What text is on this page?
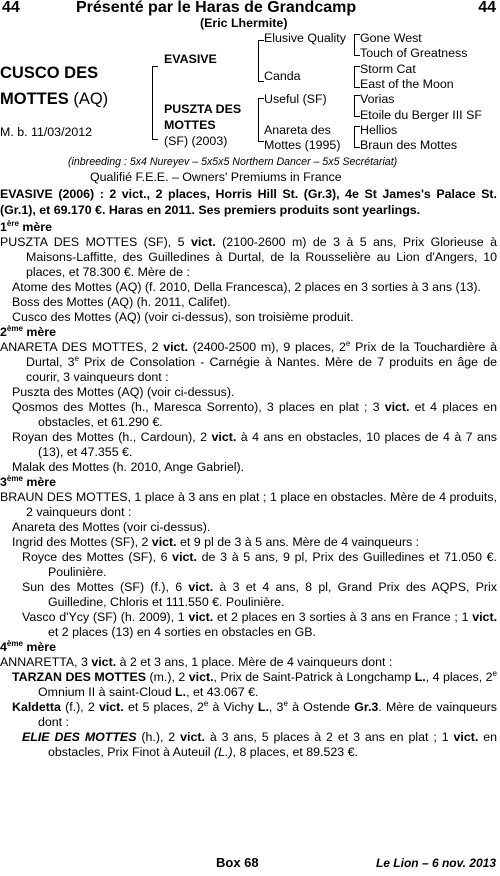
44	Présenté par le Haras de Grandcamp	44
(Eric Lhermite)
CUSCO DES
MOTTES (AQ)
M. b. 11/03/2012
EVASIVE
PUSZTA DES
MOTTES
(SF) (2003)
Elusive Quality
Canda
Useful (SF)
Anareta des
Mottes (1995)
Gone West
Touch of Greatness
Storm Cat
East of the Moon
Vorias
Etoile du Berger III SF
Hellios
Braun des Mottes
(inbreeding : 5x4 Nureyev – 5x5x5 Northern Dancer – 5x5 Secrétariat)
Qualifié F.E.E. – Owners' Premiums in France

EVASIVE (2006) : 2 vict., 2 places, Horris Hill St. (Gr.3), 4e St James's Palace St. (Gr.1), et 69.170 €. Haras en 2011. Ses premiers produits sont yearlings.

1ère mère

PUSZTA DES MOTTES (SF), 5 vict. (2100-2600 m) de 3 à 5 ans, Prix Glorieuse à Maisons-Laffitte, des Guilledines à Durtal, de la Rousselière au Lion d'Angers, 10 places, et 78.300 €. Mère de :

Atome des Mottes (AQ) (f. 2010, Della Francesca), 2 places en 3 sorties à 3 ans (13).

Boss des Mottes (AQ) (h. 2011, Califet).

Cusco des Mottes (AQ) (voir ci-dessus), son troisième produit.

2ème mère

ANARETA DES MOTTES, 2 vict. (2400-2500 m), 9 places, 2e Prix de la Touchardière à Durtal, 3e Prix de Consolation - Carnégie à Nantes. Mère de 7 produits en âge de courir, 3 vainqueurs dont :

Puszta des Mottes (AQ) (voir ci-dessus).

Qosmos des Mottes (h., Maresca Sorrento), 3 places en plat ; 3 vict. et 4 places en obstacles, et 61.290 €.

Royan des Mottes (h., Cardoun), 2 vict. à 4 ans en obstacles, 10 places de 4 à 7 ans (13), et 47.355 €.

Malak des Mottes (h. 2010, Ange Gabriel).

3ème mère

BRAUN DES MOTTES, 1 place à 3 ans en plat ; 1 place en obstacles. Mère de 4 produits, 2 vainqueurs dont :

Anareta des Mottes (voir ci-dessus).

Ingrid des Mottes (SF), 2 vict. et 9 pl de 3 à 5 ans. Mère de 4 vainqueurs :

Royce des Mottes (SF), 6 vict. de 3 à 5 ans, 9 pl, Prix des Guilledines et 71.050 €. Poulinière.

Sun des Mottes (SF) (f.), 6 vict. à 3 et 4 ans, 8 pl, Grand Prix des AQPS, Prix Guilledine, Chloris et 111.550 €. Poulinière.

Vasco d'Ycy (SF) (h. 2009), 1 vict. et 2 places en 3 sorties à 3 ans en France ; 1 vict. et 2 places (13) en 4 sorties en obstacles en GB.

4ème mère

ANNARETTA, 3 vict. à 2 et 3 ans, 1 place. Mère de 4 vainqueurs dont :

TARZAN DES MOTTES (m.), 2 vict., Prix de Saint-Patrick à Longchamp L., 4 places, 2e Omnium II à saint-Cloud L., et 43.067 €.

Kaldetta (f.), 2 vict. et 5 places, 2e à Vichy L., 3e à Ostende Gr.3. Mère de vainqueurs dont :

ELIE DES MOTTES (h.), 2 vict. à 3 ans, 5 places à 2 et 3 ans en plat ; 1 vict. en obstacles, Prix Finot à Auteuil (L.), 8 places, et 89.523 €.

Box 68	Le Lion – 6 nov. 2013
